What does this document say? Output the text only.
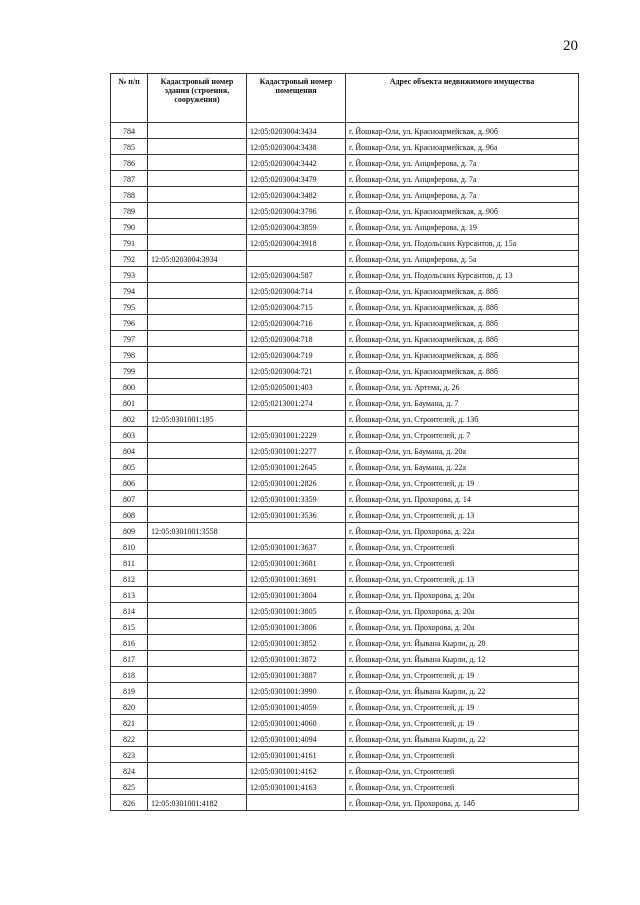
20
№ п/п	Кадастровый номер здания (строения, сооружения)	Кадастровый номер помещения	Адрес объекта недвижимого имущества
784		12:05:0203004:3434	г. Йошкар-Ола, ул. Красноармейская, д. 90б
785		12:05:0203004:3438	г. Йошкар-Ола, ул. Красноармейская, д. 96а
786		12:05:0203004:3442	г. Йошкар-Ола, ул. Анциферова, д. 7а
787		12:05:0203004:3479	г. Йошкар-Ола, ул. Анциферова, д. 7а
788		12:05:0203004:3482	г. Йошкар-Ола, ул. Анциферова, д. 7а
789		12:05:0203004:3796	г. Йошкар-Ола, ул. Красноармейская, д. 90б
790		12:05:0203004:3859	г. Йошкар-Ола, ул. Анциферова, д. 19
791		12:05:0203004:3918	г. Йошкар-Ола, ул. Подольских Курсантов, д. 15а
792	12:05:0203004:3934		г. Йошкар-Ола, ул. Анциферова, д. 5а
793		12:05:0203004:587	г. Йошкар-Ола, ул. Подольских Курсантов, д. 13
794		12:05:0203004:714	г. Йошкар-Ола, ул. Красноармейская, д. 88б
795		12:05:0203004:715	г. Йошкар-Ола, ул. Красноармейская, д. 88б
796		12:05:0203004:716	г. Йошкар-Ола, ул. Красноармейская, д. 88б
797		12:05:0203004:718	г. Йошкар-Ола, ул. Красноармейская, д. 88б
798		12:05:0203004:719	г. Йошкар-Ола, ул. Красноармейская, д. 88б
799		12:05:0203004:721	г. Йошкар-Ола, ул. Красноармейская, д. 88б
800		12:05:0205001:403	г. Йошкар-Ола, ул. Артема, д. 26
801		12:05:0213001:274	г. Йошкар-Ола, ул. Баумана, д. 7
802	12:05:0301001:195		г. Йошкар-Ола, ул. Строителей, д. 13б
803		12:05:0301001:2229	г. Йошкар-Ола, ул. Строителей, д. 7
804		12:05:0301001:2277	г. Йошкар-Ола, ул. Баумана, д. 20а
805		12:05:0301001:2645	г. Йошкар-Ола, ул. Баумана, д. 22а
806		12:05:0301001:2826	г. Йошкар-Ола, ул. Строителей, д. 19
807		12:05:0301001:3359	г. Йошкар-Ола, ул. Прохорова, д. 14
808		12:05:0301001:3536	г. Йошкар-Ола, ул. Строителей, д. 13
809	12:05:0301001:3558		г. Йошкар-Ола, ул. Прохорова, д. 22а
810		12:05:0301001:3637	г. Йошкар-Ола, ул. Строителей
811		12:05:0301001:3681	г. Йошкар-Ола, ул. Строителей
812		12:05:0301001:3691	г. Йошкар-Ола, ул. Строителей, д. 13
813		12:05:0301001:3804	г. Йошкар-Ола, ул. Прохорова, д. 20а
814		12:05:0301001:3805	г. Йошкар-Ола, ул. Прохорова, д. 20а
815		12:05:0301001:3806	г. Йошкар-Ола, ул. Прохорова, д. 20а
816		12:05:0301001:3852	г. Йошкар-Ола, ул. Йывана Кырли, д. 28
817		12:05:0301001:3872	г. Йошкар-Ола, ул. Йывана Кырли, д. 12
818		12:05:0301001:3887	г. Йошкар-Ола, ул. Строителей, д. 19
819		12:05:0301001:3990	г. Йошкар-Ола, ул. Йывана Кырли, д. 22
820		12:05:0301001:4059	г. Йошкар-Ола, ул. Строителей, д. 19
821		12:05:0301001:4060	г. Йошкар-Ола, ул. Строителей, д. 19
822		12:05:0301001:4094	г. Йошкар-Ола, ул. Йывана Кырли, д. 22
823		12:05:0301001:4161	г. Йошкар-Ола, ул. Строителей
824		12:05:0301001:4162	г. Йошкар-Ола, ул. Строителей
825		12:05:0301001:4163	г. Йошкар-Ола, ул. Строителей
826	12:05:0301001:4182		г. Йошкар-Ола, ул. Прохорова, д. 14б
